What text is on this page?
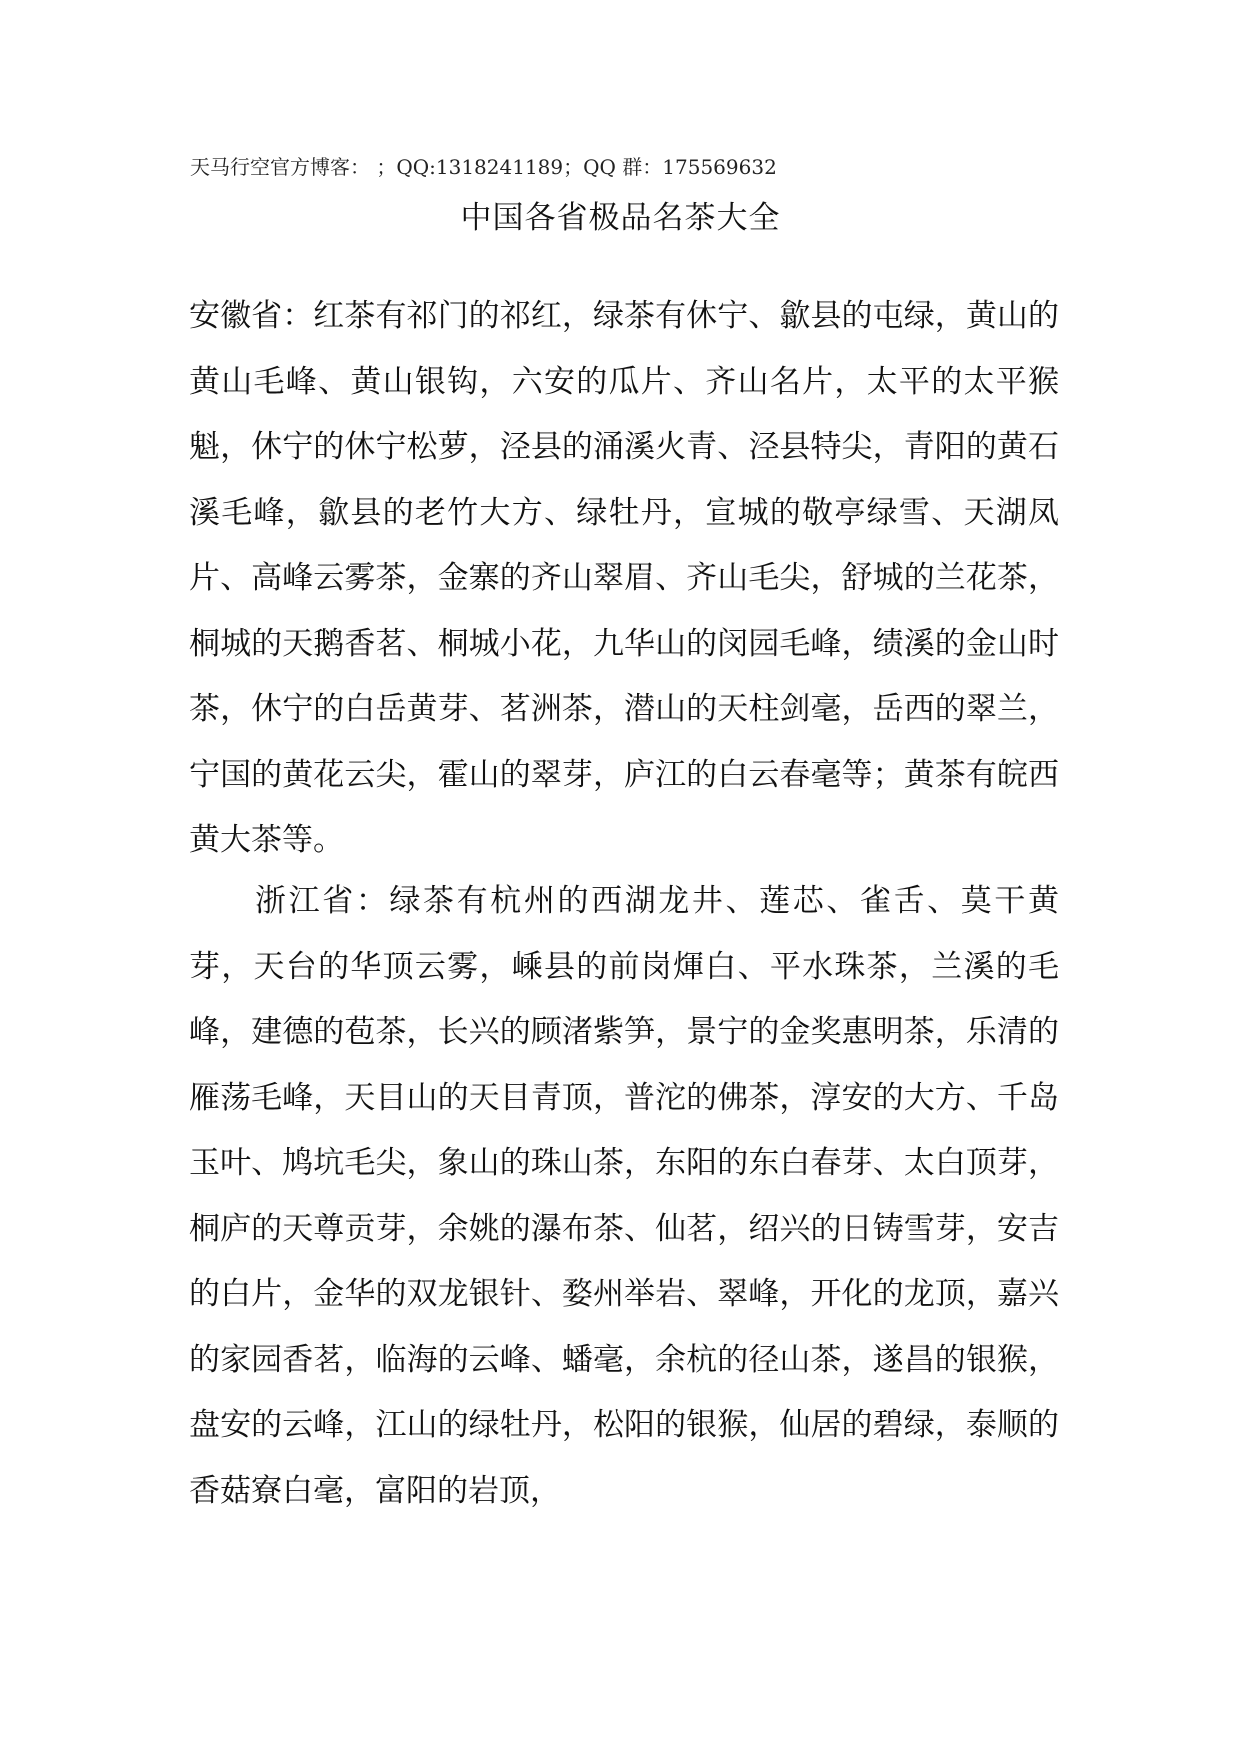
天马行空官方博客： ；QQ:1318241189；QQ 群：175569632
中国各省极品名茶大全
安徽省：红茶有祁门的祁红，绿茶有休宁、歙县的屯绿，黄山的黄山毛峰、黄山银钩，六安的瓜片、齐山名片，太平的太平猴魁，休宁的休宁松萝，泾县的涌溪火青、泾县特尖，青阳的黄石溪毛峰，歙县的老竹大方、绿牡丹，宣城的敬亭绿雪、天湖凤片、高峰云雾茶，金寨的齐山翠眉、齐山毛尖，舒城的兰花茶，桐城的天鹅香茗、桐城小花，九华山的闵园毛峰，绩溪的金山时茶，休宁的白岳黄芽、茗洲茶，潜山的天柱剑毫，岳西的翠兰，宁国的黄花云尖，霍山的翠芽，庐江的白云春毫等；黄茶有皖西黄大茶等。
浙江省：绿茶有杭州的西湖龙井、莲芯、雀舌、莫干黄芽，天台的华顶云雾，嵊县的前岗煇白、平水珠茶，兰溪的毛峰，建德的苞茶，长兴的顾渚紫笋，景宁的金奖惠明茶，乐清的雁荡毛峰，天目山的天目青顶，普沱的佛茶，淳安的大方、千岛玉叶、鸠坑毛尖，象山的珠山茶，东阳的东白春芽、太白顶芽，桐庐的天尊贡芽，余姚的瀑布茶、仙茗，绍兴的日铸雪芽，安吉的白片，金华的双龙银针、婺州举岩、翠峰，开化的龙顶，嘉兴的家园香茗，临海的云峰、蟠毫，余杭的径山茶，遂昌的银猴，盘安的云峰，江山的绿牡丹，松阳的银猴，仙居的碧绿，泰顺的香菇寮白毫，富阳的岩顶，
